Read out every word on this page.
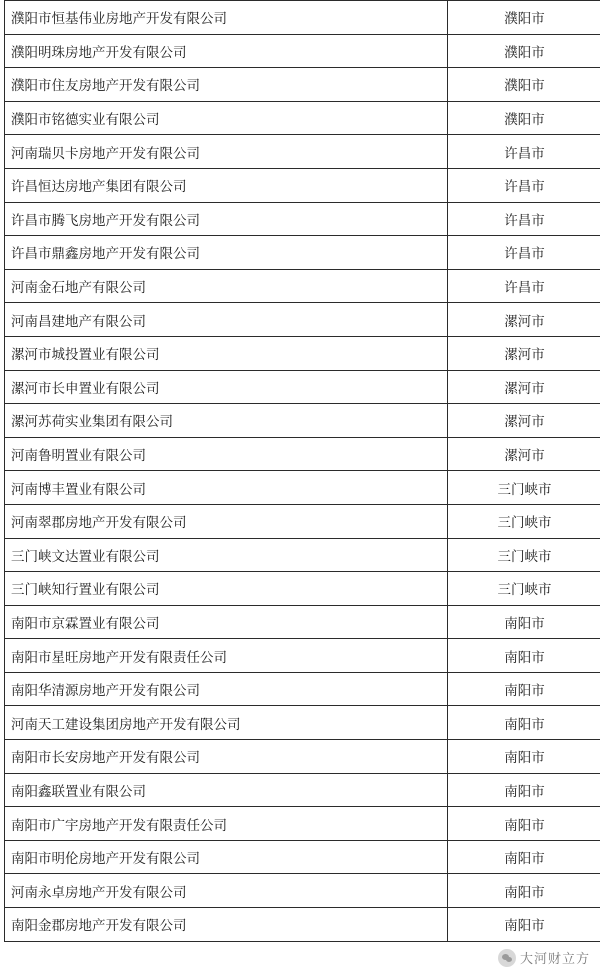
濮阳市恒基伟业房地产开发有限公司	濮阳市
濮阳明珠房地产开发有限公司	濮阳市
濮阳市住友房地产开发有限公司	濮阳市
濮阳市铭德实业有限公司	濮阳市
河南瑞贝卡房地产开发有限公司	许昌市
许昌恒达房地产集团有限公司	许昌市
许昌市腾飞房地产开发有限公司	许昌市
许昌市鼎鑫房地产开发有限公司	许昌市
河南金石地产有限公司	许昌市
河南昌建地产有限公司	漯河市
漯河市城投置业有限公司	漯河市
漯河市长申置业有限公司	漯河市
漯河苏荷实业集团有限公司	漯河市
河南鲁明置业有限公司	漯河市
河南博丰置业有限公司	三门峡市
河南翠郡房地产开发有限公司	三门峡市
三门峡文达置业有限公司	三门峡市
三门峡知行置业有限公司	三门峡市
南阳市京霖置业有限公司	南阳市
南阳市星旺房地产开发有限责任公司	南阳市
南阳华清源房地产开发有限公司	南阳市
河南天工建设集团房地产开发有限公司	南阳市
南阳市长安房地产开发有限公司	南阳市
南阳鑫联置业有限公司	南阳市
南阳市广宇房地产开发有限责任公司	南阳市
南阳市明伦房地产开发有限公司	南阳市
河南永卓房地产开发有限公司	南阳市
南阳金郡房地产开发有限公司	南阳市
大河财立方
